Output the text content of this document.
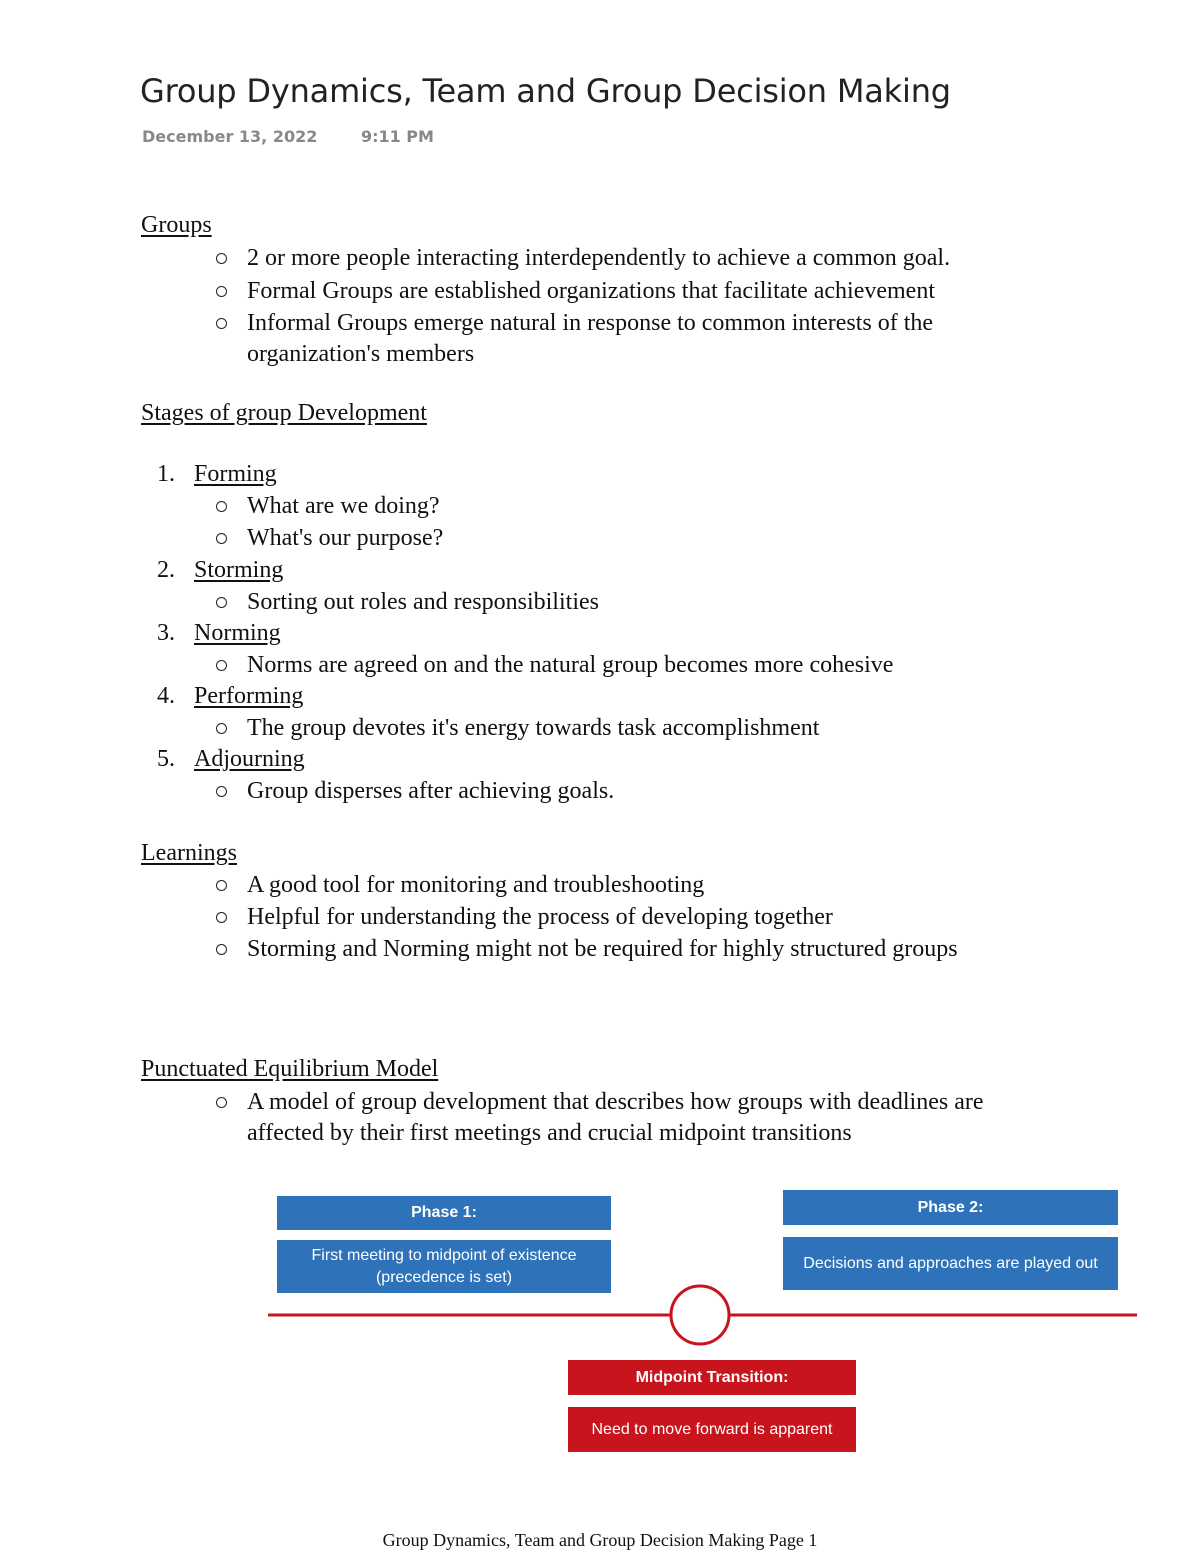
Group Dynamics, Team and Group Decision Making
December 13, 2022	9:11 PM
Groups
2 or more people interacting interdependently to achieve a common goal.
Formal Groups are established organizations that facilitate achievement
Informal Groups emerge natural in response to common interests of the organization's members
Stages of group Development
1. Forming
What are we doing?
What's our purpose?
2. Storming
Sorting out roles and responsibilities
3. Norming
Norms are agreed on and the natural group becomes more cohesive
4. Performing
The group devotes it's energy towards task accomplishment
5. Adjourning
Group disperses after achieving goals.
Learnings
A good tool for monitoring and troubleshooting
Helpful for understanding the process of developing together
Storming and Norming might not be required for highly structured groups
Punctuated Equilibrium Model
A model of group development that describes how groups with deadlines are affected by their first meetings and crucial midpoint transitions
Phase 1:
First meeting to midpoint of existence (precedence is set)
Phase 2:
Decisions and approaches are played out
Midpoint Transition:
Need to move forward is apparent
Group Dynamics, Team and Group Decision Making Page 1
